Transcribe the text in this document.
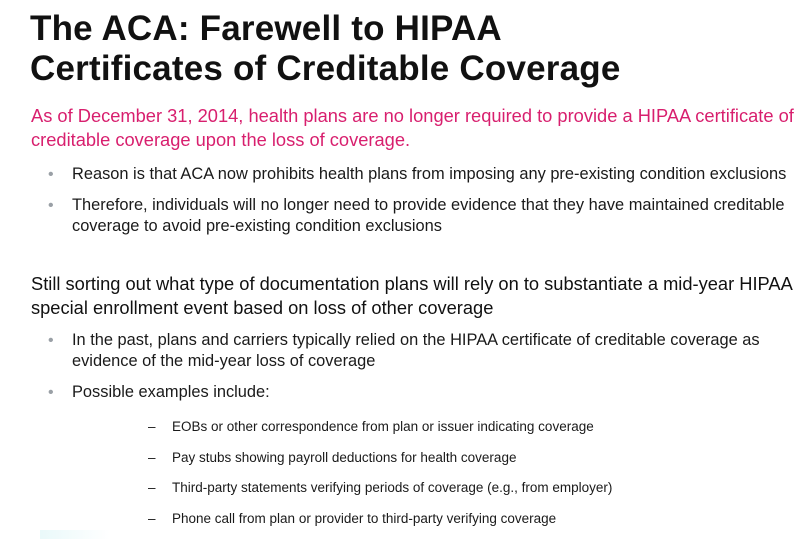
The ACA: Farewell to HIPAA
Certificates of Creditable Coverage

As of December 31, 2014, health plans are no longer required to provide a HIPAA certificate of creditable coverage upon the loss of coverage.

• Reason is that ACA now prohibits health plans from imposing any pre-existing condition exclusions
• Therefore, individuals will no longer need to provide evidence that they have maintained creditable coverage to avoid pre-existing condition exclusions

Still sorting out what type of documentation plans will rely on to substantiate a mid-year HIPAA special enrollment event based on loss of other coverage

• In the past, plans and carriers typically relied on the HIPAA certificate of creditable coverage as evidence of the mid-year loss of coverage
• Possible examples include:
– EOBs or other correspondence from plan or issuer indicating coverage
– Pay stubs showing payroll deductions for health coverage
– Third-party statements verifying periods of coverage (e.g., from employer)
– Phone call from plan or provider to third-party verifying coverage
